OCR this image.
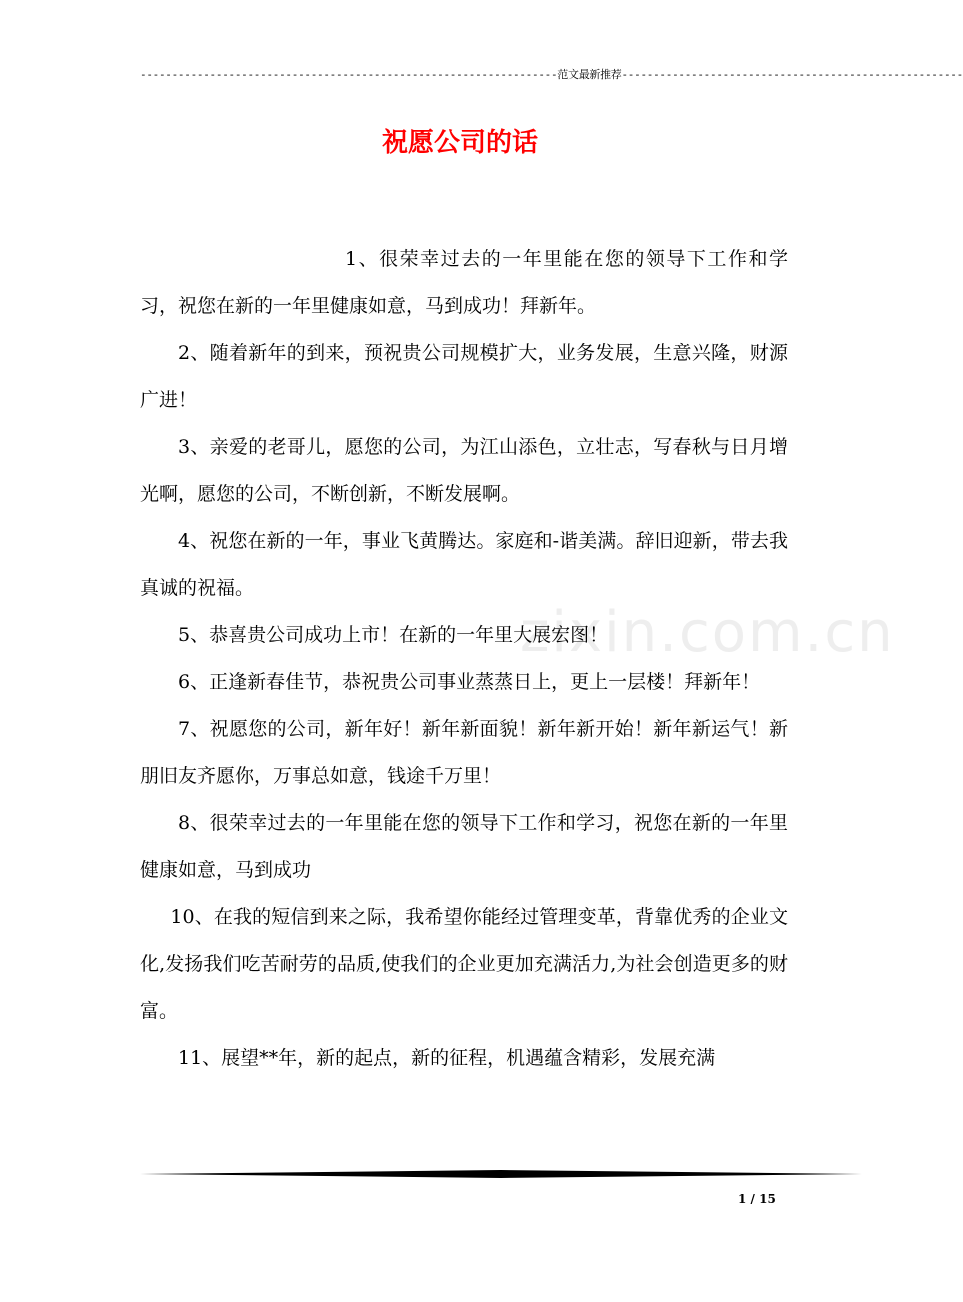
------------------------------------------------------------------范文最新推荐------------------------------------------------------
祝愿公司的话
zixin.com.cn

1、很荣幸过去的一年里能在您的领导下工作和学习，祝您在新的一年里健康如意，马到成功！拜新年。

2、随着新年的到来，预祝贵公司规模扩大，业务发展，生意兴隆，财源广进！

3、亲爱的老哥儿，愿您的公司，为江山添色，立壮志，写春秋与日月增光啊，愿您的公司，不断创新，不断发展啊。

4、祝您在新的一年，事业飞黄腾达。家庭和-谐美满。辞旧迎新，带去我真诚的祝福。

5、恭喜贵公司成功上市！在新的一年里大展宏图！

6、正逢新春佳节，恭祝贵公司事业蒸蒸日上，更上一层楼！拜新年！

7、祝愿您的公司，新年好！新年新面貌！新年新开始！新年新运气！新朋旧友齐愿你，万事总如意，钱途千万里！

8、很荣幸过去的一年里能在您的领导下工作和学习，祝您在新的一年里健康如意，马到成功

10、在我的短信到来之际，我希望你能经过管理变革，背靠优秀的企业文化,发扬我们吃苦耐劳的品质,使我们的企业更加充满活力,为社会创造更多的财富。

11、展望**年，新的起点，新的征程，机遇蕴含精彩，发展充满

1 / 15
